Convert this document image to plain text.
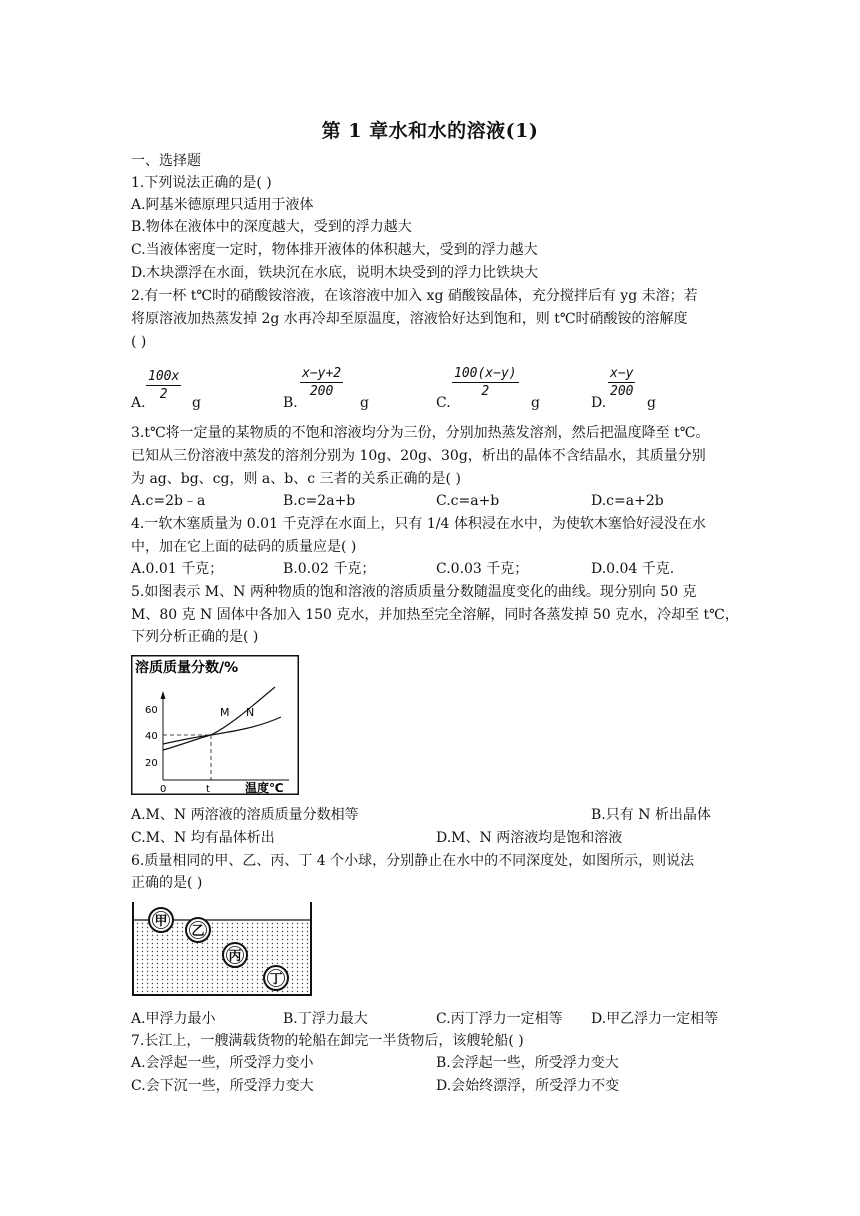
第 1 章水和水的溶液(1)
一、选择题
1.下列说法正确的是( )
A.阿基米德原理只适用于液体
B.物体在液体中的深度越大，受到的浮力越大
C.当液体密度一定时，物体排开液体的体积越大，受到的浮力越大
D.木块漂浮在水面，铁块沉在水底，说明木块受到的浮力比铁块大
2.有一杯 t℃时的硝酸铵溶液，在该溶液中加入 xg 硝酸铵晶体，充分搅拌后有 yg 未溶；若
将原溶液加热蒸发掉 2g 水再冷却至原温度，溶液恰好达到饱和，则 t℃时硝酸铵的溶解度
( )
A.
$\frac{100x}{2}$
g	B.
$\frac{x-y+2}{200}$
g	C.
$\frac{100(x-y)}{2}$
g	D.
$\frac{x-y}{200}$
g
3.t℃将一定量的某物质的不饱和溶液均分为三份，分别加热蒸发溶剂，然后把温度降至 t℃。
已知从三份溶液中蒸发的溶剂分别为 10g、20g、30g，析出的晶体不含结晶水，其质量分别
为 ag、bg、cg，则 a、b、c 三者的关系正确的是( )
A.c=2b﹣a	B.c=2a+b	C.c=a+b	D.c=a+2b
4.一软木塞质量为 0.01 千克浮在水面上，只有 1/4 体积浸在水中，为使软木塞恰好浸没在水
中，加在它上面的砝码的质量应是( )
A.0.01 千克；	B.0.02 千克；	C.0.03 千克；	D.0.04 千克.
5.如图表示 M、N 两种物质的饱和溶液的溶质质量分数随温度变化的曲线。现分别向 50 克
M、80 克 N 固体中各加入 150 克水，并加热至完全溶解，同时各蒸发掉 50 克水，冷却至 t℃，
下列分析正确的是( )
溶质质量分数/%
60
40
20
0	t	温度℃
M N
A.M、N 两溶液的溶质质量分数相等	B.只有 N 析出晶体
C.M、N 均有晶体析出	D.M、N 两溶液均是饱和溶液
6.质量相同的甲、乙、丙、丁 4 个小球，分别静止在水中的不同深度处，如图所示，则说法
正确的是( )
甲
乙
丙
丁
A.甲浮力最小	B.丁浮力最大	C.丙丁浮力一定相等 D.甲乙浮力一定相等
7.长江上，一艘满载货物的轮船在卸完一半货物后，该艘轮船( )
A.会浮起一些，所受浮力变小	B.会浮起一些，所受浮力变大
C.会下沉一些，所受浮力变大	D.会始终漂浮，所受浮力不变
